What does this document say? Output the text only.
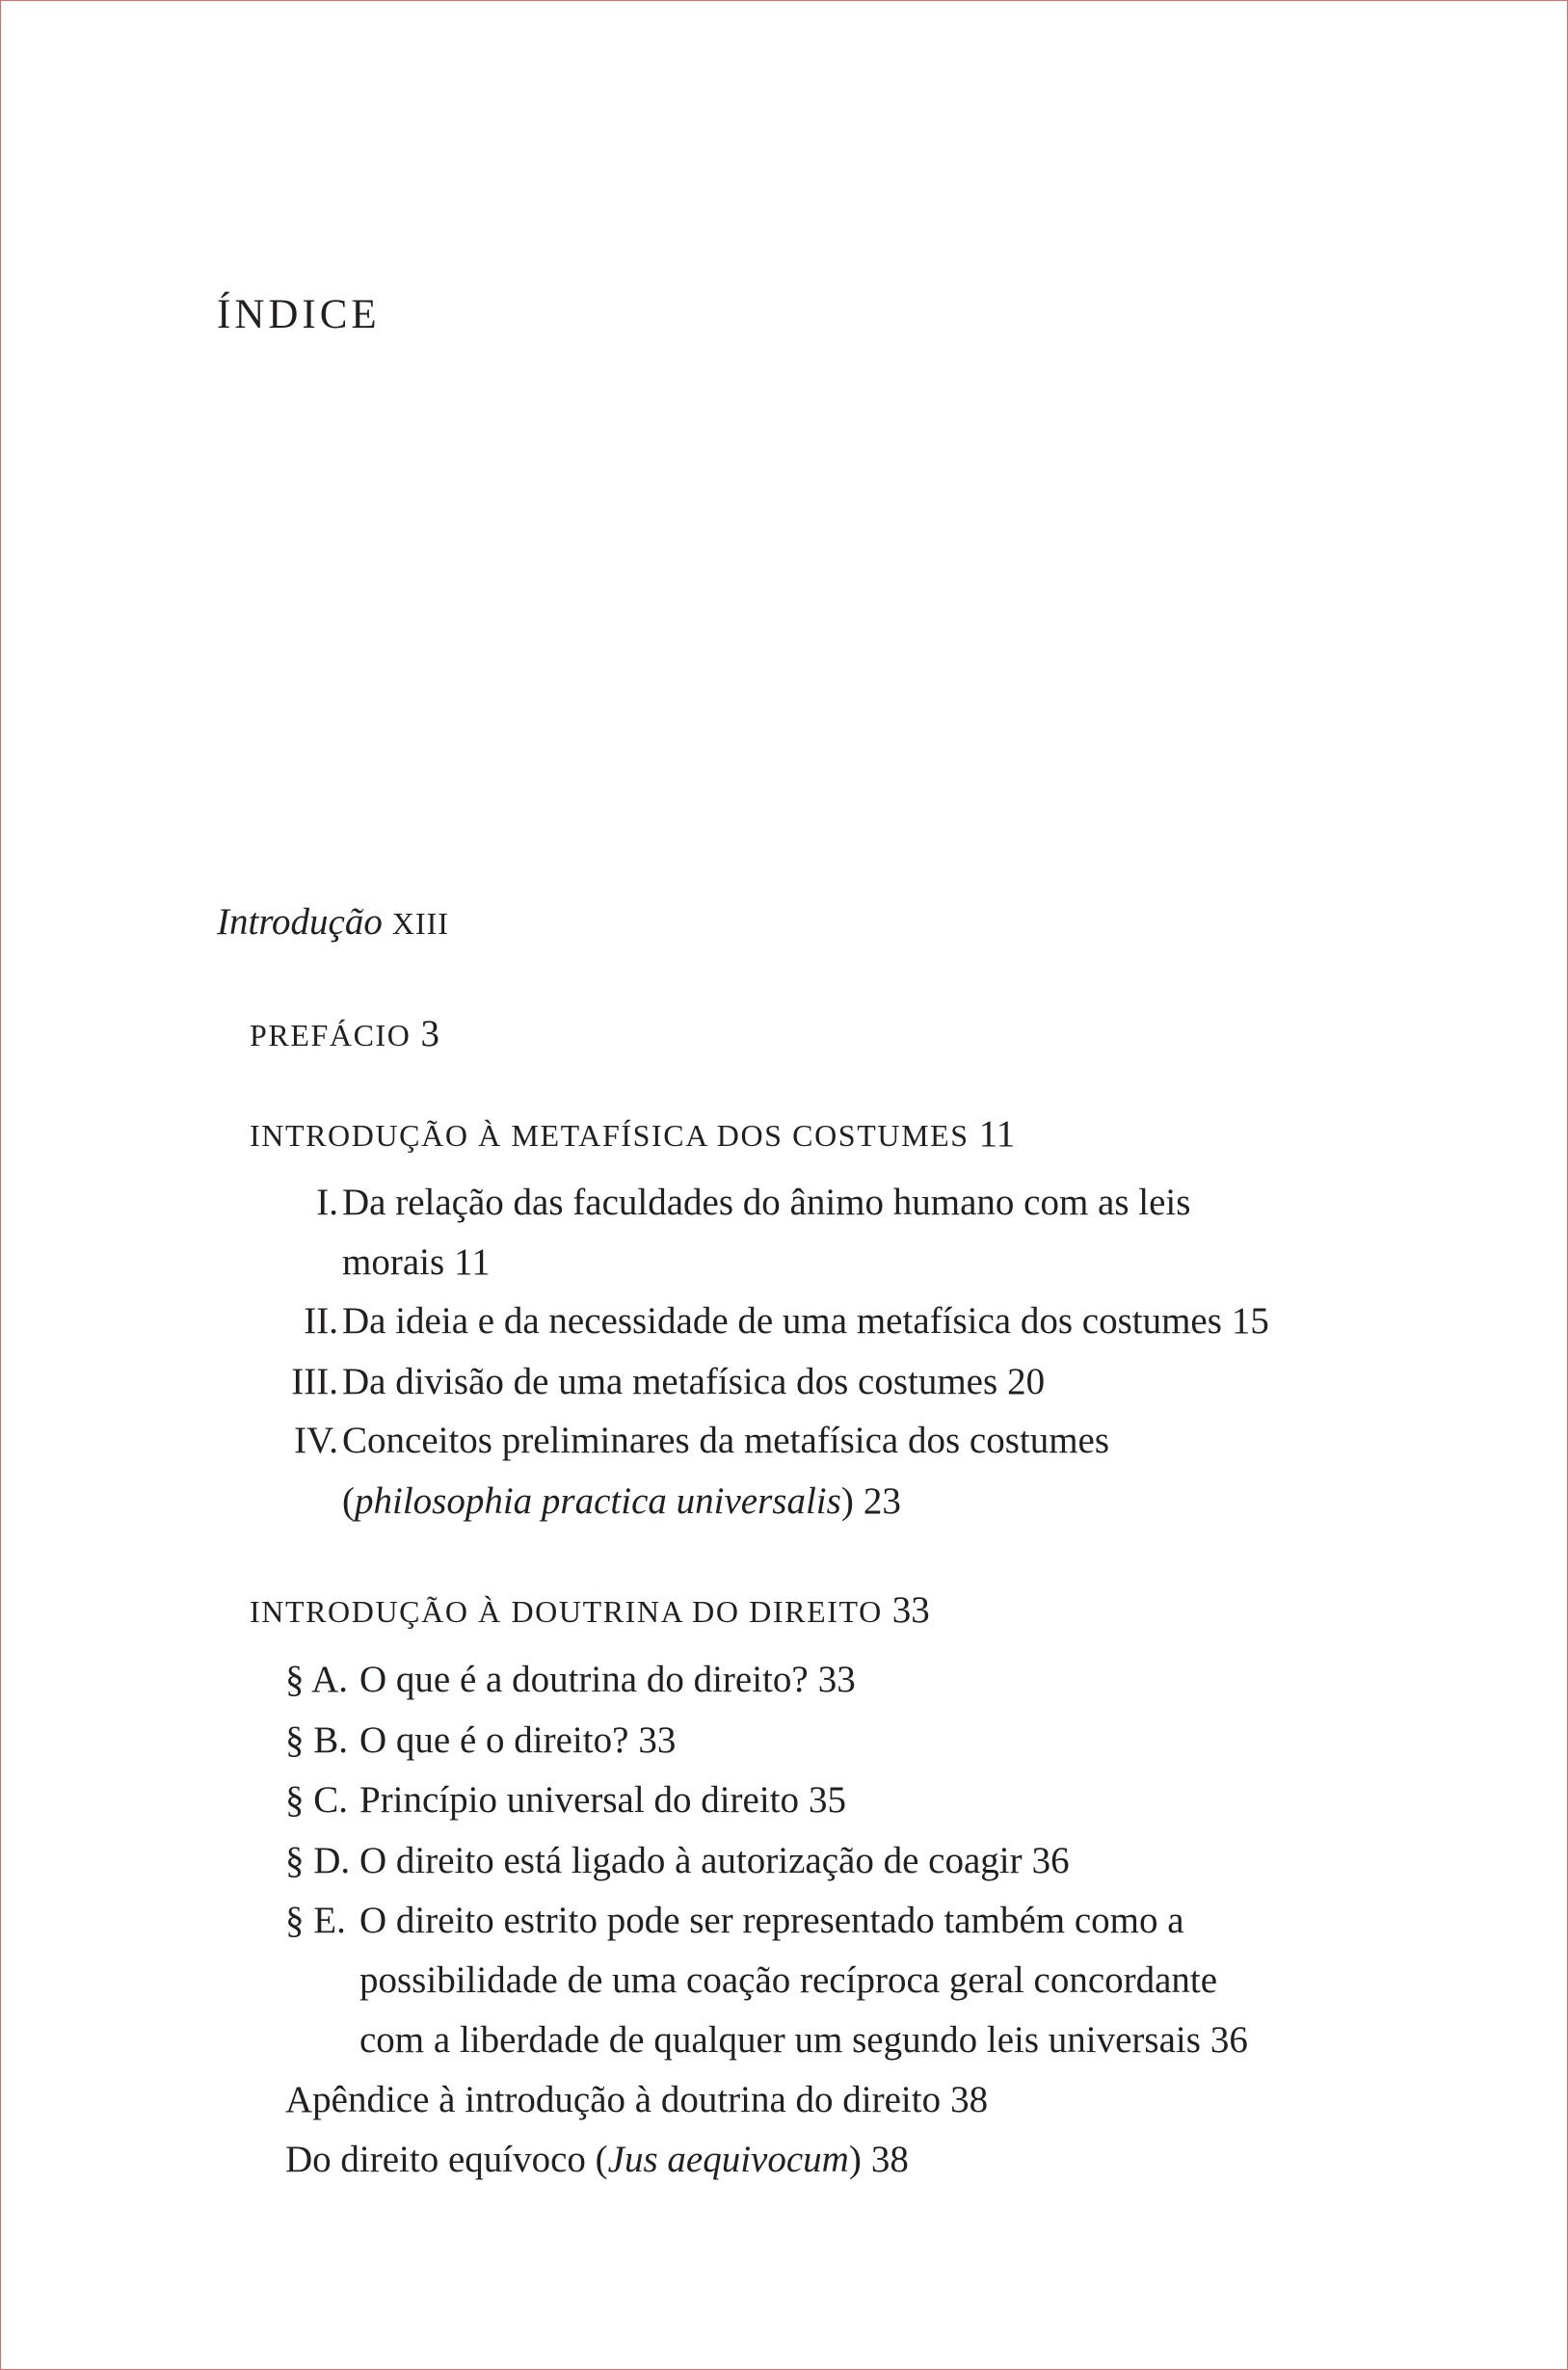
ÍNDICE
Introdução XIII
PREFÁCIO 3
INTRODUÇÃO À METAFÍSICA DOS COSTUMES 11
I. Da relação das faculdades do ânimo humano com as leis
morais 11
II. Da ideia e da necessidade de uma metafísica dos costumes 15
III. Da divisão de uma metafísica dos costumes 20
IV. Conceitos preliminares da metafísica dos costumes
(philosophia practica universalis) 23
INTRODUÇÃO À DOUTRINA DO DIREITO 33
§ A. O que é a doutrina do direito? 33
§ B. O que é o direito? 33
§ C. Princípio universal do direito 35
§ D. O direito está ligado à autorização de coagir 36
§ E. O direito estrito pode ser representado também como a
possibilidade de uma coação recíproca geral concordante
com a liberdade de qualquer um segundo leis universais 36
Apêndice à introdução à doutrina do direito 38
Do direito equívoco (Jus aequivocum) 38
